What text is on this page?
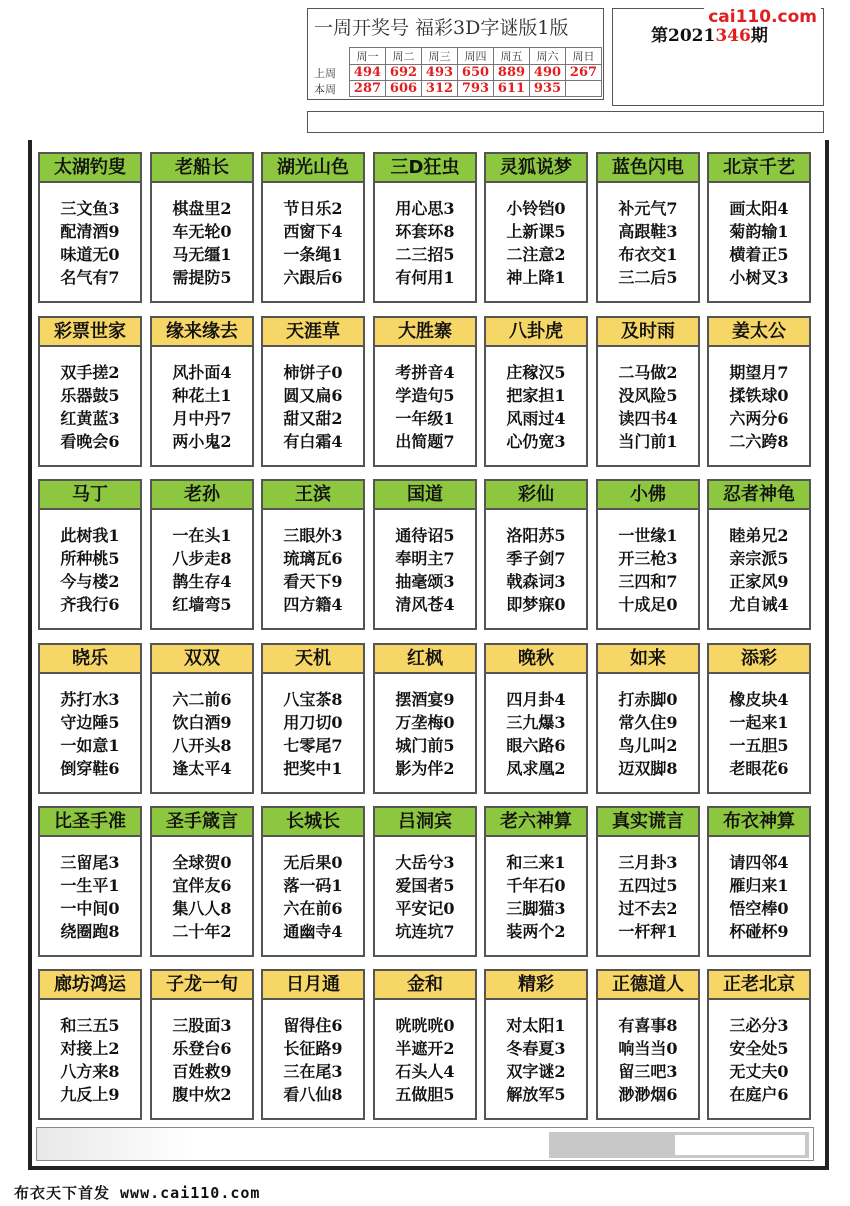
一周开奖号 福彩3D字谜版1版
	周一	周二	周三	周四	周五	周六	周日
上周	494	692	493	650	889	490	267
本周	287	606	312	793	611	935	
cai110.com
第2021346期
太湖钓叟
三文鱼3
配清酒9
味道无0
名气有7
老船长
棋盘里2
车无轮0
马无缰1
需提防5
湖光山色
节日乐2
西窗下4
一条绳1
六跟后6
三D狂虫
用心思3
环套环8
二三招5
有何用1
灵狐说梦
小铃铛0
上新课5
二注意2
神上降1
蓝色闪电
补元气7
高跟鞋3
布衣交1
三二后5
北京千艺
画太阳4
菊韵输1
横着正5
小树叉3
彩票世家
双手搓2
乐器鼓5
红黄蓝3
看晚会6
缘来缘去
风扑面4
种花土1
月中丹7
两小鬼2
天涯草
柿饼子0
圆又扁6
甜又甜2
有白霜4
大胜寨
考拼音4
学造句5
一年级1
出简题7
八卦虎
庄稼汉5
把家担1
风雨过4
心仍宽3
及时雨
二马做2
没风险5
读四书4
当门前1
姜太公
期望月7
揉铁球0
六两分6
二六跨8
马丁
此树我1
所种桃5
今与楼2
齐我行6
老孙
一在头1
八步走8
鹊生存4
红墙弯5
王滨
三眼外3
琉璃瓦6
看天下9
四方籍4
国道
通待诏5
奉明主7
抽毫颂3
清风苍4
彩仙
洛阳苏5
季子剑7
戟森词3
即梦寐0
小佛
一世缘1
开三枪3
三四和7
十成足0
忍者神龟
睦弟兄2
亲宗派5
正家风9
尤自诫4
晓乐
苏打水3
守边陲5
一如意1
倒穿鞋6
双双
六二前6
饮白酒9
八开头8
逢太平4
天机
八宝茶8
用刀切0
七零尾7
把奖中1
红枫
摆酒宴9
万垄梅0
城门前5
影为伴2
晚秋
四月卦4
三九爆3
眼六路6
凤求凰2
如来
打赤脚0
常久住9
鸟儿叫2
迈双脚8
添彩
橡皮块4
一起来1
一五胆5
老眼花6
比圣手准
三留尾3
一生平1
一中间0
绕圈跑8
圣手箴言
全球贺0
宜伴友6
集八人8
二十年2
长城长
无后果0
落一码1
六在前6
通幽寺4
吕洞宾
大岳兮3
爱国者5
平安记0
坑连坑7
老六神算
和三来1
千年石0
三脚猫3
装两个2
真实谎言
三月卦3
五四过5
过不去2
一杆秤1
布衣神算
请四邻4
雁归来1
悟空棒0
杯碰杯9
廊坊鸿运
和三五5
对接上2
八方来8
九反上9
子龙一旬
三股面3
乐登台6
百姓救9
腹中炊2
日月通
留得住6
长征路9
三在尾3
看八仙8
金和
咣咣咣0
半遮开2
石头人4
五做胆5
精彩
对太阳1
冬春夏3
双字谜2
解放军5
正德道人
有喜事8
响当当0
留三吧3
渺渺烟6
正老北京
三必分3
安全处5
无丈夫0
在庭户6
布衣天下首发 www.cai110.com
